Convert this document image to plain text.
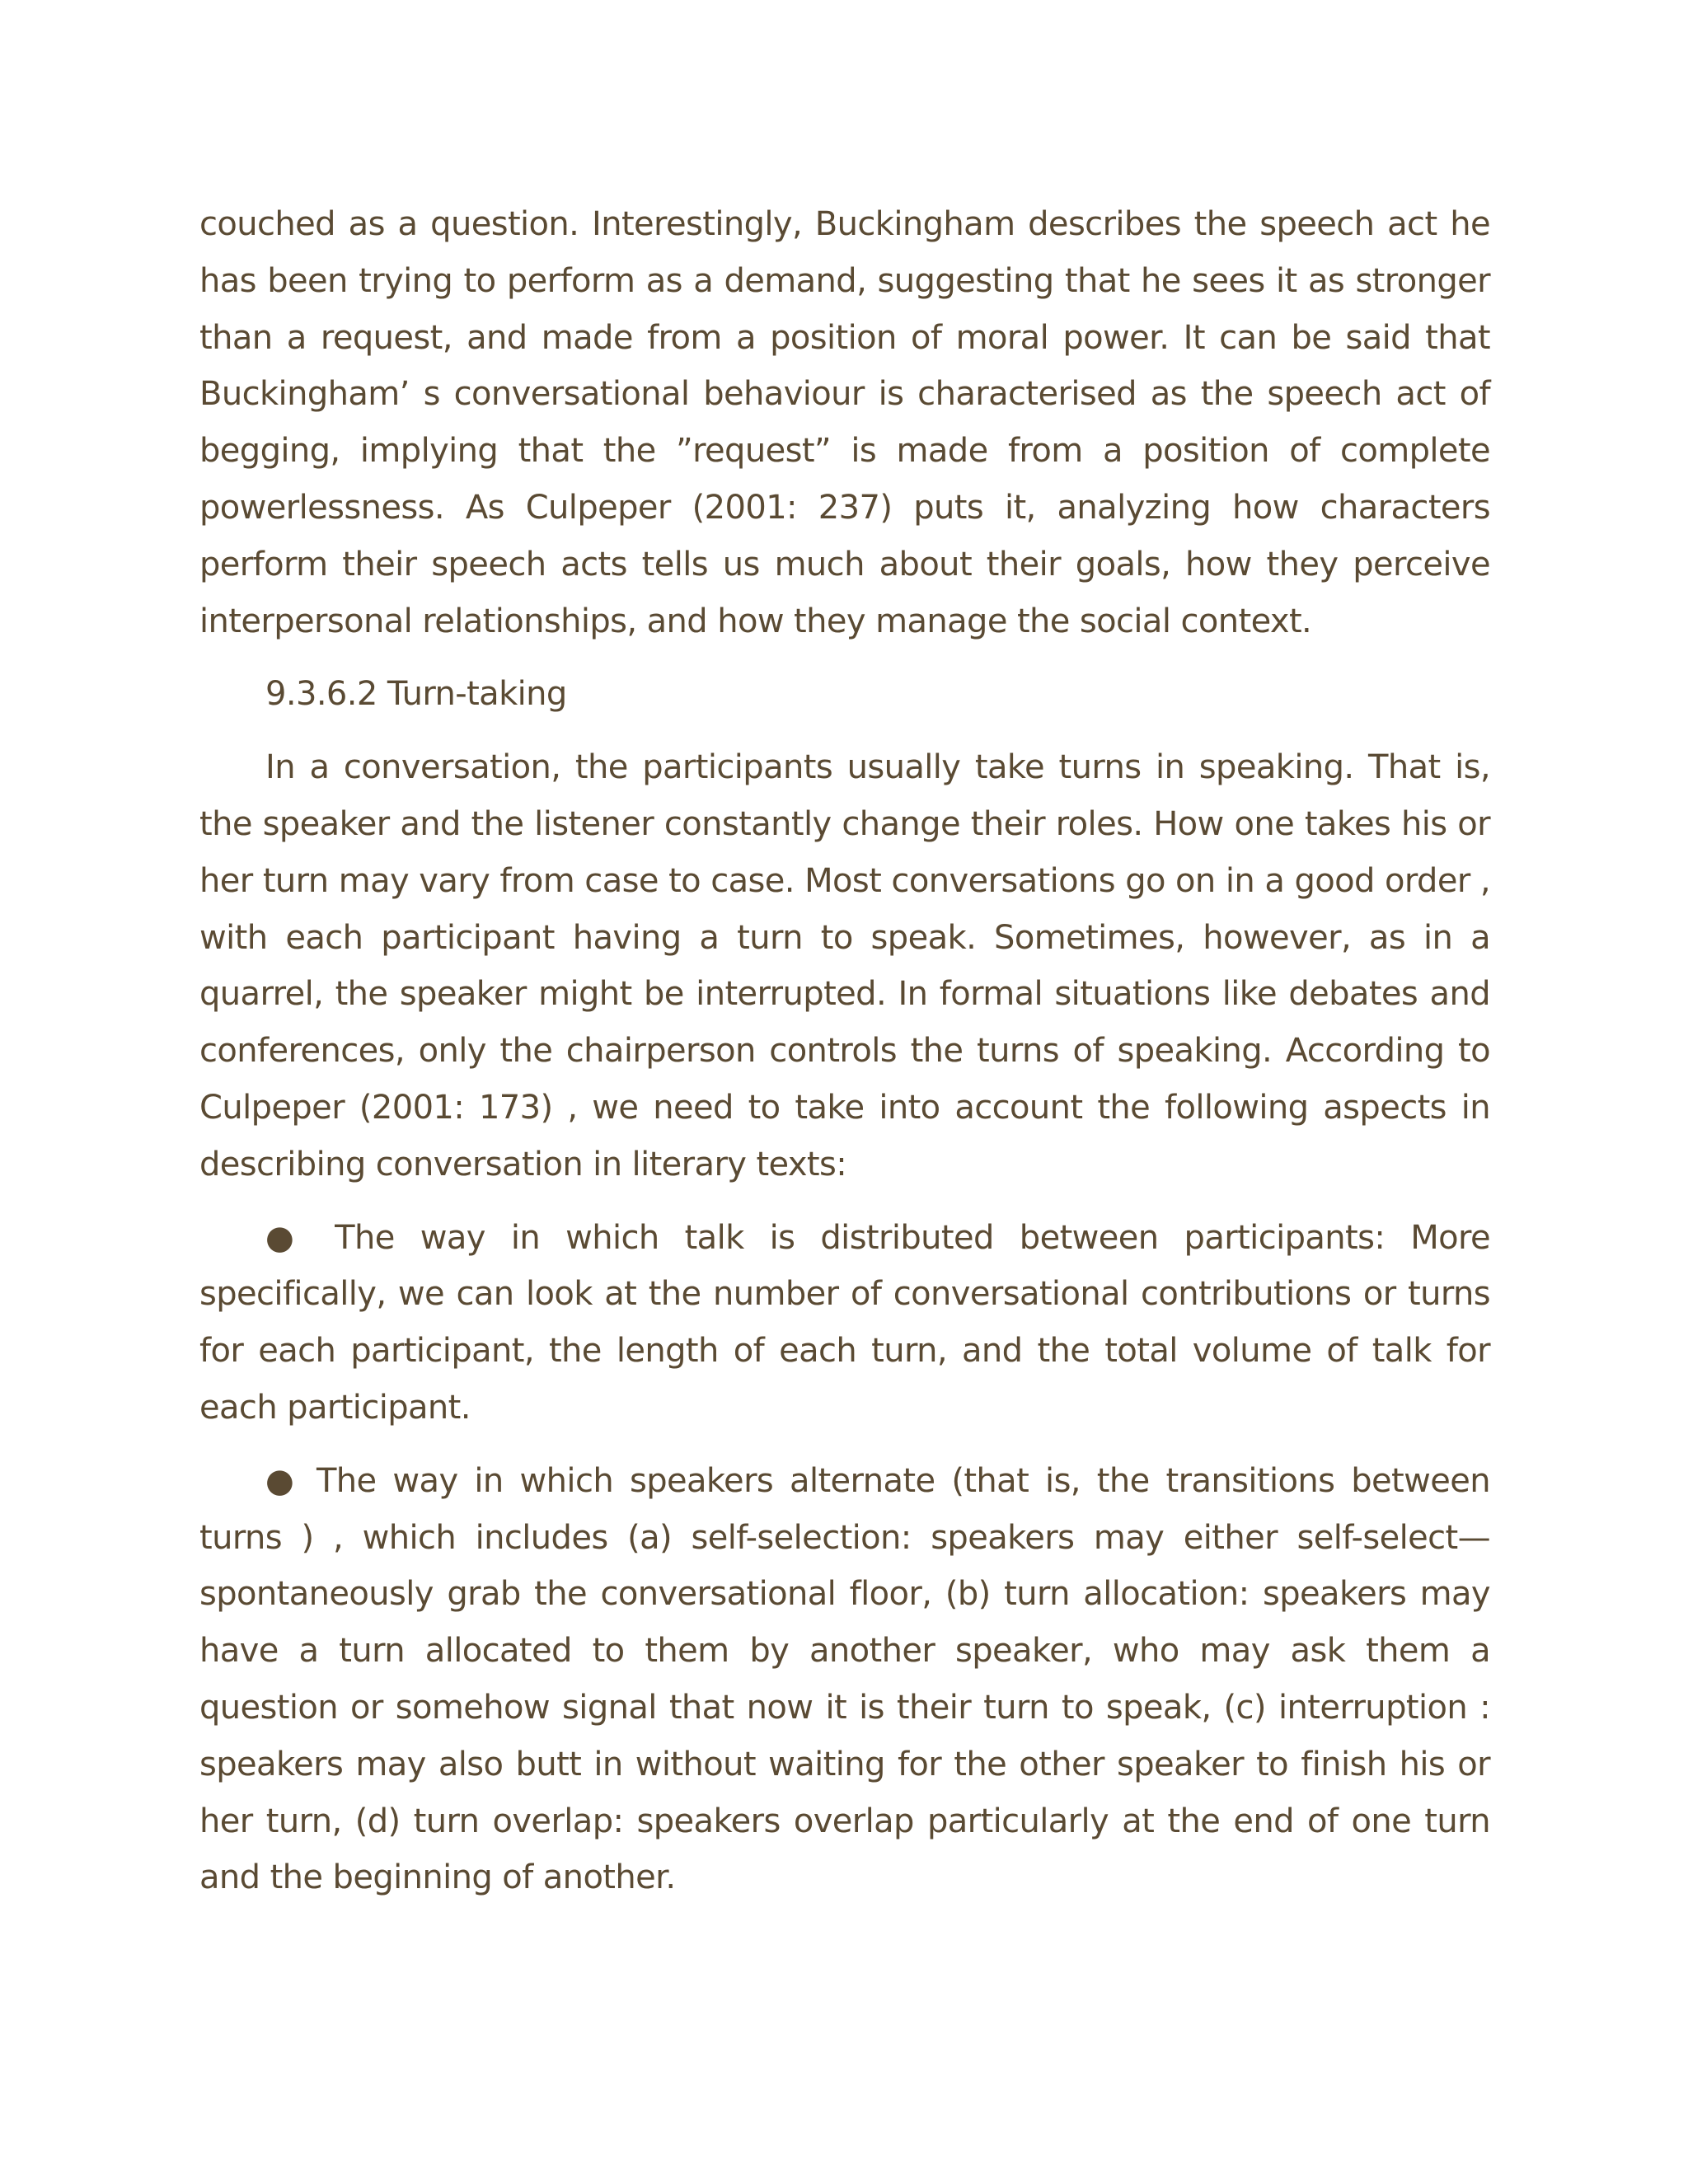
couched as a question. Interestingly, Buckingham describes the speech act he has been trying to perform as a demand, suggesting that he sees it as stronger than a request, and made from a position of moral power. It can be said that Buckingham’ s conversational behaviour is characterised as the speech act of begging, implying that the ”request” is made from a position of complete powerlessness. As Culpeper (2001: 237) puts it, analyzing how characters perform their speech acts tells us much about their goals, how they perceive interpersonal relationships, and how they manage the social context.

9.3.6.2 Turn-taking

In a conversation, the participants usually take turns in speaking. That is, the speaker and the listener constantly change their roles. How one takes his or her turn may vary from case to case. Most conversations go on in a good order , with each participant having a turn to speak. Sometimes, however, as in a quarrel, the speaker might be interrupted. In formal situations like debates and conferences, only the chairperson controls the turns of speaking. According to Culpeper (2001: 173) , we need to take into account the following aspects in describing conversation in literary texts:

● The way in which talk is distributed between participants: More specifically, we can look at the number of conversational contributions or turns for each participant, the length of each turn, and the total volume of talk for each participant.

● The way in which speakers alternate (that is, the transitions between turns ) , which includes (a) self-selection: speakers may either self-select— spontaneously grab the conversational floor, (b) turn allocation: speakers may have a turn allocated to them by another speaker, who may ask them a question or somehow signal that now it is their turn to speak, (c) interruption : speakers may also butt in without waiting for the other speaker to finish his or her turn, (d) turn overlap: speakers overlap particularly at the end of one turn and the beginning of another.
